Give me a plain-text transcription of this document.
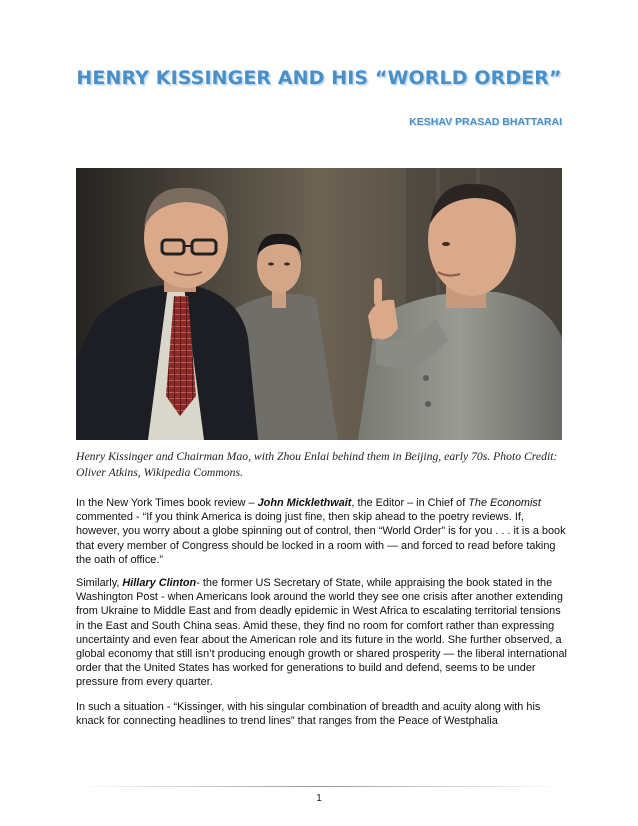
HENRY KISSINGER AND HIS “WORLD ORDER”
KESHAV PRASAD BHATTARAI
Henry Kissinger and Chairman Mao, with Zhou Enlai behind them in Beijing, early 70s. Photo Credit: Oliver Atkins, Wikipedia Commons.
In the New York Times book review – John Micklethwait, the Editor – in Chief of The Economist commented - “If you think America is doing just fine, then skip ahead to the poetry reviews. If, however, you worry about a globe spinning out of control, then “World Order” is for you . . . it is a book that every member of Congress should be locked in a room with — and forced to read before taking the oath of office.”
Similarly, Hillary Clinton- the former US Secretary of State, while appraising the book stated in the Washington Post - when Americans look around the world they see one crisis after another extending from Ukraine to Middle East and from deadly epidemic in West Africa to escalating territorial tensions in the East and South China seas. Amid these, they find no room for comfort rather than expressing uncertainty and even fear about the American role and its future in the world. She further observed, a global economy that still isn’t producing enough growth or shared prosperity — the liberal international order that the United States has worked for generations to build and defend, seems to be under pressure from every quarter.
In such a situation - “Kissinger, with his singular combination of breadth and acuity along with his knack for connecting headlines to trend lines” that ranges from the Peace of Westphalia
1
